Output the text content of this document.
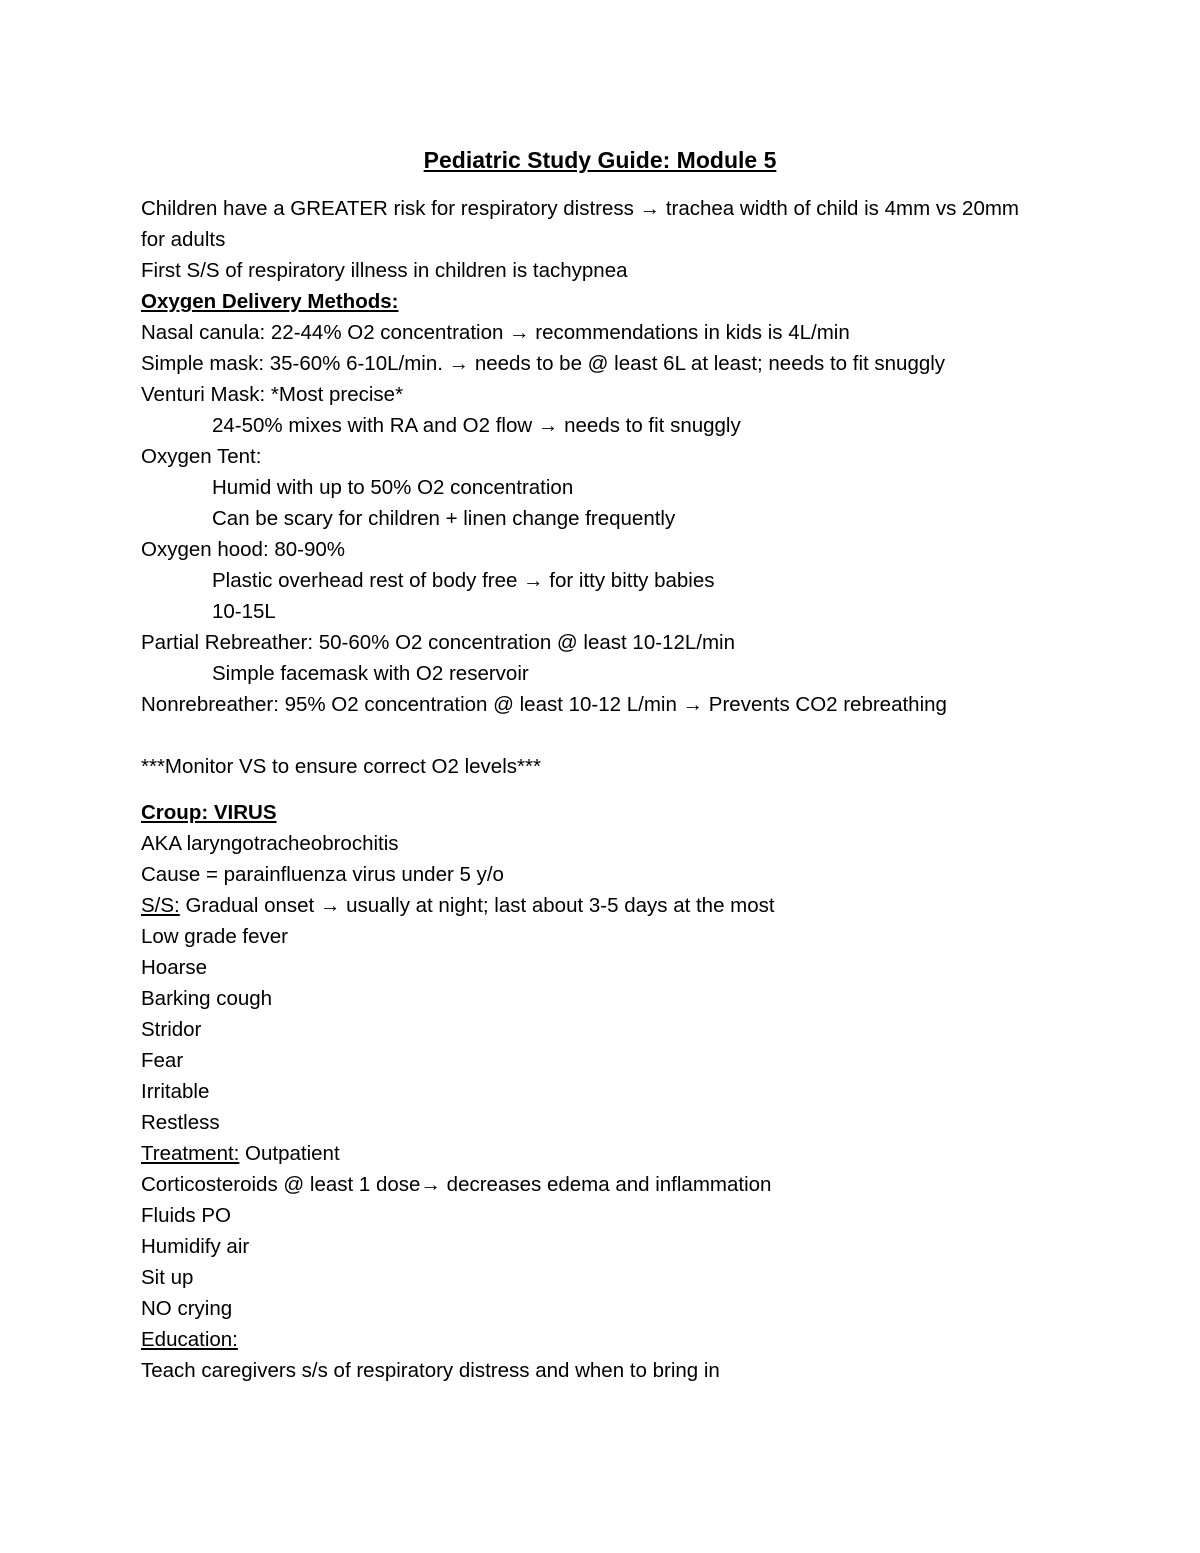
Pediatric Study Guide: Module 5
Children have a GREATER risk for respiratory distress → trachea width of child is 4mm vs 20mm
for adults
First S/S of respiratory illness in children is tachypnea
Oxygen Delivery Methods:
Nasal canula: 22-44% O2 concentration → recommendations in kids is 4L/min
Simple mask: 35-60% 6-10L/min. → needs to be @ least 6L at least; needs to fit snuggly
Venturi Mask: *Most precise*
24-50% mixes with RA and O2 flow → needs to fit snuggly
Oxygen Tent:
Humid with up to 50% O2 concentration
Can be scary for children + linen change frequently
Oxygen hood: 80-90%
Plastic overhead rest of body free → for itty bitty babies
10-15L
Partial Rebreather: 50-60% O2 concentration @ least 10-12L/min
Simple facemask with O2 reservoir
Nonrebreather: 95% O2 concentration @ least 10-12 L/min → Prevents CO2 rebreathing
***Monitor VS to ensure correct O2 levels***
Croup: VIRUS
AKA laryngotracheobrochitis
Cause = parainfluenza virus under 5 y/o
S/S: Gradual onset → usually at night; last about 3-5 days at the most
Low grade fever
Hoarse
Barking cough
Stridor
Fear
Irritable
Restless
Treatment: Outpatient
Corticosteroids @ least 1 dose→ decreases edema and inflammation
Fluids PO
Humidify air
Sit up
NO crying
Education:
Teach caregivers s/s of respiratory distress and when to bring in
